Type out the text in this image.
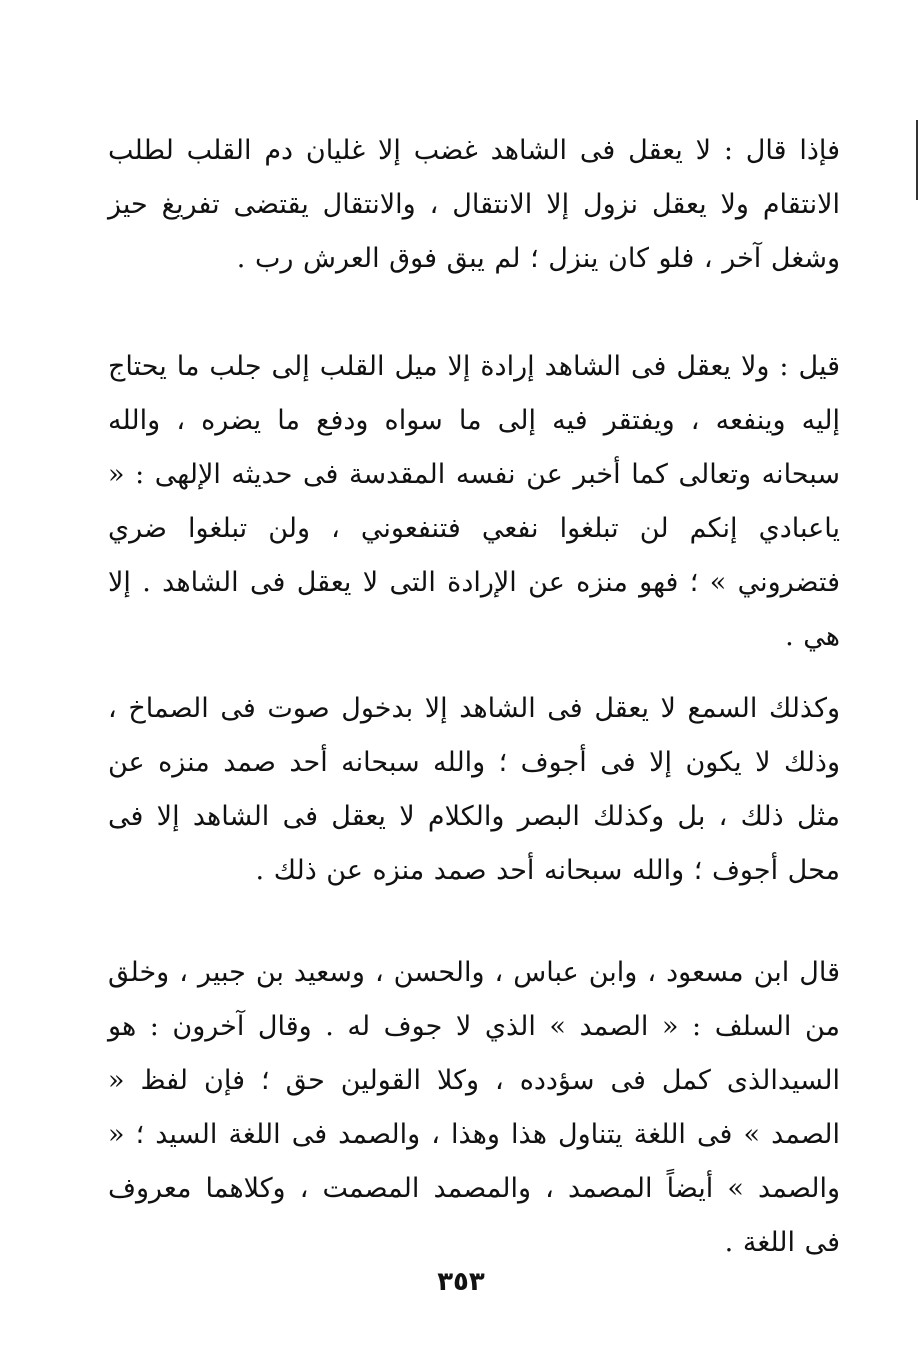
فإذا قال : لا يعقل فى الشاهد غضب إلا غليان دم القلب لطلب الانتقام ولا يعقل نزول إلا الانتقال ، والانتقال يقتضى تفريغ حيز وشغل آخر ، فلو كان ينزل ؛ لم يبق فوق العرش رب .

قيل : ولا يعقل فى الشاهد إرادة إلا ميل القلب إلى جلب ما يحتاج إليه وينفعه ، ويفتقر فيه إلى ما سواه ودفع ما يضره ، والله سبحانه وتعالى كما أخبر عن نفسه المقدسة فى حديثه الإلهى : « ياعبادي إنكم لن تبلغوا نفعي فتنفعوني ، ولن تبلغوا ضري فتضروني » ؛ فهو منزه عن الإرادة التى لا يعقل فى الشاهد . إلا هي .

وكذلك السمع لا يعقل فى الشاهد إلا بدخول صوت فى الصماخ ، وذلك لا يكون إلا فى أجوف ؛ والله سبحانه أحد صمد منزه عن مثل ذلك ، بل وكذلك البصر والكلام لا يعقل فى الشاهد إلا فى محل أجوف ؛ والله سبحانه أحد صمد منزه عن ذلك .

قال ابن مسعود ، وابن عباس ، والحسن ، وسعيد بن جبير ، وخلق من السلف : « الصمد » الذي لا جوف له . وقال آخرون : هو السيدالذى كمل فى سؤدده ، وكلا القولين حق ؛ فإن لفظ « الصمد » فى اللغة يتناول هذا وهذا ، والصمد فى اللغة السيد ؛ « والصمد » أيضاً المصمد ، والمصمد المصمت ، وكلاهما معروف فى اللغة .

٣٥٣
